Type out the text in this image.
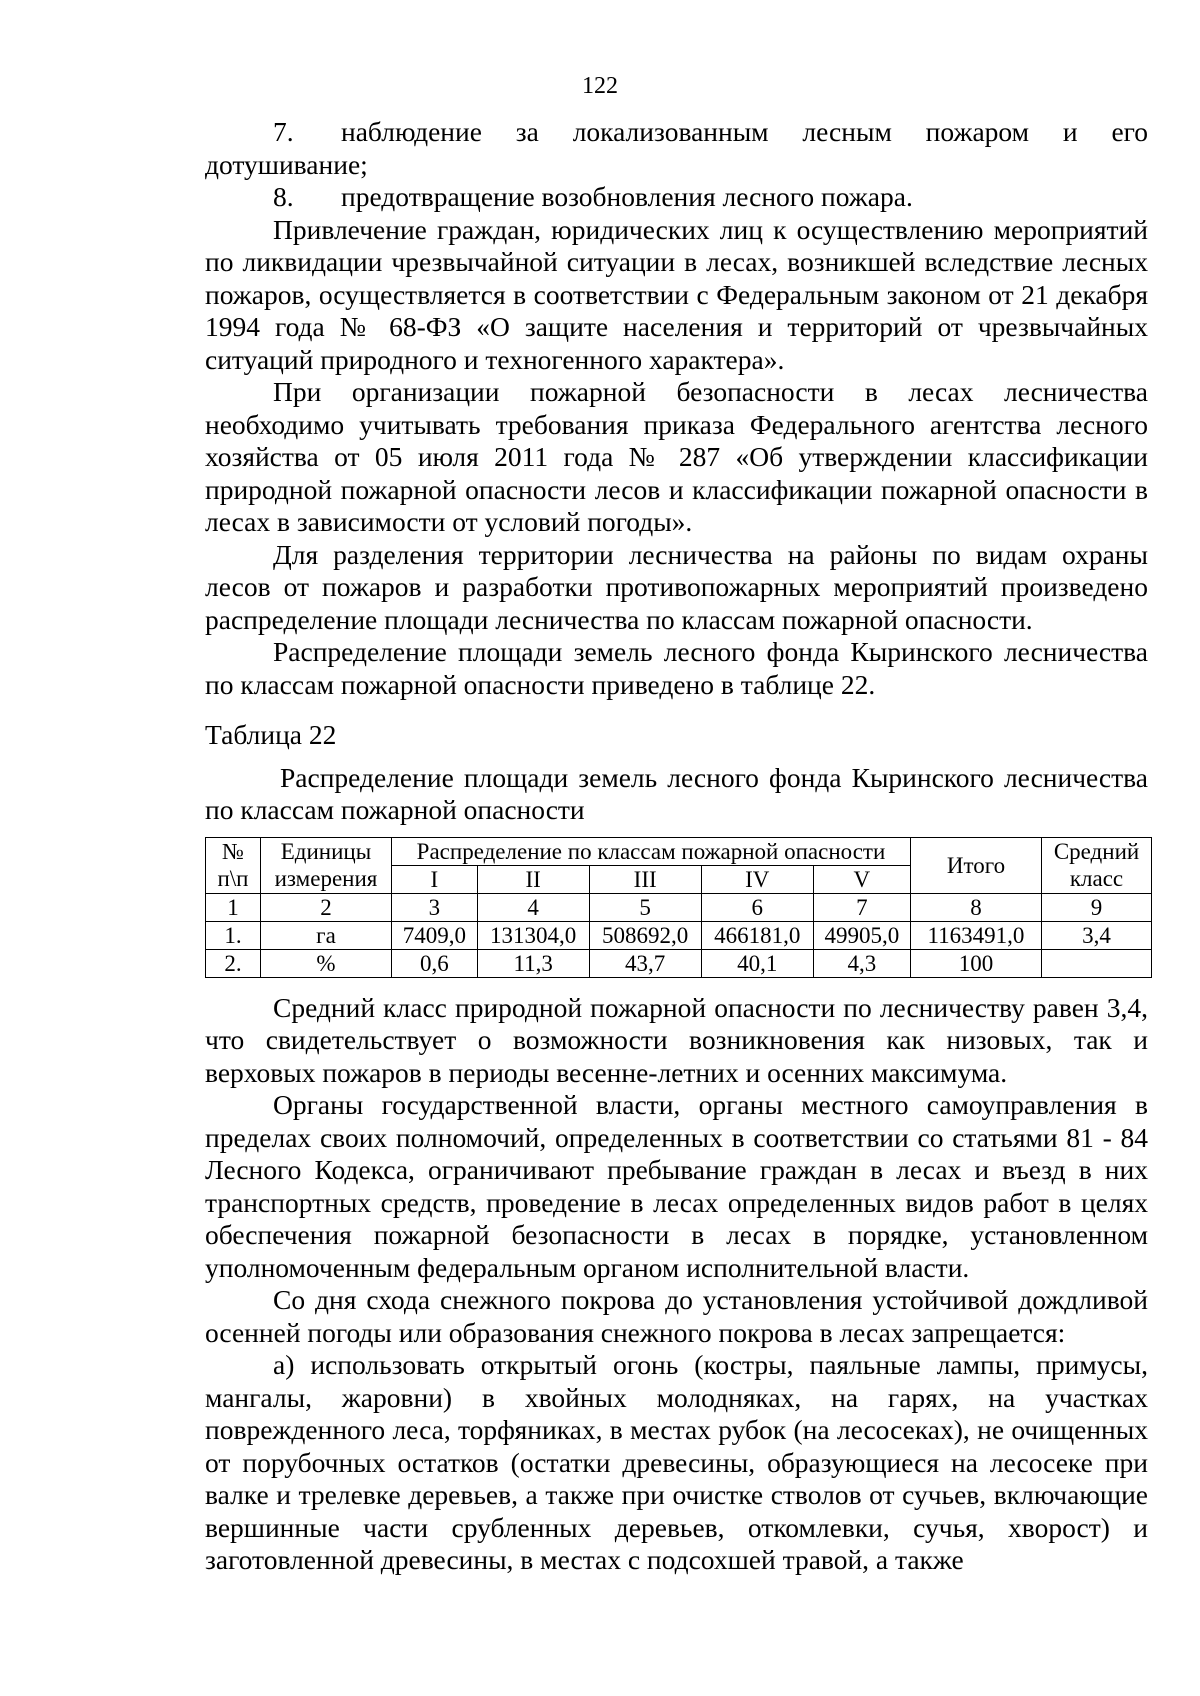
122

7. наблюдение за локализованным лесным пожаром и его дотушивание;

8. предотвращение возобновления лесного пожара.

Привлечение граждан, юридических лиц к осуществлению мероприятий по ликвидации чрезвычайной ситуации в лесах, возникшей вследствие лесных пожаров, осуществляется в соответствии с Федеральным законом от 21 декабря 1994 года № 68-ФЗ «О защите населения и территорий от чрезвычайных ситуаций природного и техногенного характера».

При организации пожарной безопасности в лесах лесничества необходимо учитывать требования приказа Федерального агентства лесного хозяйства от 05 июля 2011 года № 287 «Об утверждении классификации природной пожарной опасности лесов и классификации пожарной опасности в лесах в зависимости от условий погоды».

Для разделения территории лесничества на районы по видам охраны лесов от пожаров и разработки противопожарных мероприятий произведено распределение площади лесничества по классам пожарной опасности.

Распределение площади земель лесного фонда Кыринского лесничества по классам пожарной опасности приведено в таблице 22.

Таблица 22

Распределение площади земель лесного фонда Кыринского лесничества по классам пожарной опасности

№ п\п	Единицы измерения	Распределение по классам пожарной опасности					Итого	Средний класс
		I	II	III	IV	V		
1	2	3	4	5	6	7	8	9
1.	га	7409,0	131304,0	508692,0	466181,0	49905,0	1163491,0	3,4
2.	%	0,6	11,3	43,7	40,1	4,3	100	

Средний класс природной пожарной опасности по лесничеству равен 3,4, что свидетельствует о возможности возникновения как низовых, так и верховых пожаров в периоды весенне-летних и осенних максимума.

Органы государственной власти, органы местного самоуправления в пределах своих полномочий, определенных в соответствии со статьями 81 - 84 Лесного Кодекса, ограничивают пребывание граждан в лесах и въезд в них транспортных средств, проведение в лесах определенных видов работ в целях обеспечения пожарной безопасности в лесах в порядке, установленном уполномоченным федеральным органом исполнительной власти.

Со дня схода снежного покрова до установления устойчивой дождливой осенней погоды или образования снежного покрова в лесах запрещается:

а) использовать открытый огонь (костры, паяльные лампы, примусы, мангалы, жаровни) в хвойных молодняках, на гарях, на участках поврежденного леса, торфяниках, в местах рубок (на лесосеках), не очищенных от порубочных остатков (остатки древесины, образующиеся на лесосеке при валке и трелевке деревьев, а также при очистке стволов от сучьев, включающие вершинные части срубленных деревьев, откомлевки, сучья, хворост) и заготовленной древесины, в местах с подсохшей травой, а также
